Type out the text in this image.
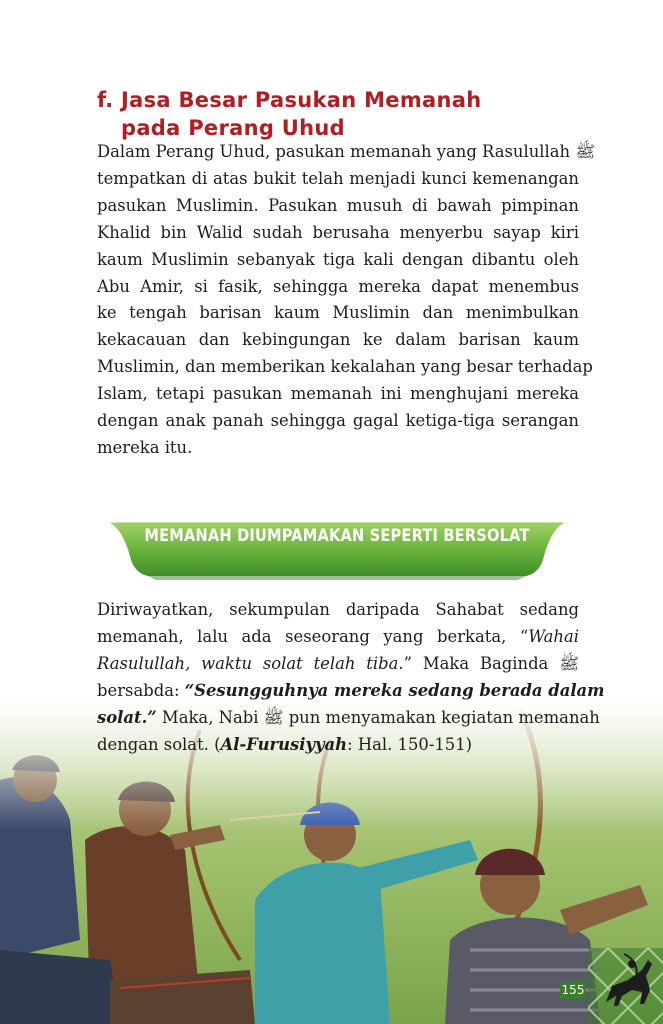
f. Jasa Besar Pasukan Memanah
pada Perang Uhud
Dalam Perang Uhud, pasukan memanah yang Rasulullah ﷺ
tempatkan di atas bukit telah menjadi kunci kemenangan
pasukan Muslimin. Pasukan musuh di bawah pimpinan
Khalid bin Walid sudah berusaha menyerbu sayap kiri
kaum Muslimin sebanyak tiga kali dengan dibantu oleh
Abu Amir, si fasik, sehingga mereka dapat menembus
ke tengah barisan kaum Muslimin dan menimbulkan
kekacauan dan kebingungan ke dalam barisan kaum
Muslimin, dan memberikan kekalahan yang besar terhadap
Islam, tetapi pasukan memanah ini menghujani mereka
dengan anak panah sehingga gagal ketiga-tiga serangan
mereka itu.
MEMANAH DIUMPAMAKAN SEPERTI BERSOLAT
155
Diriwayatkan, sekumpulan daripada Sahabat sedang
memanah, lalu ada seseorang yang berkata, “Wahai
Rasulullah, waktu solat telah tiba.” Maka Baginda ﷺ
bersabda: “Sesungguhnya mereka sedang berada dalam
solat.” Maka, Nabi ﷺ pun menyamakan kegiatan memanah
dengan solat. (Al-Furusiyyah: Hal. 150-151)
